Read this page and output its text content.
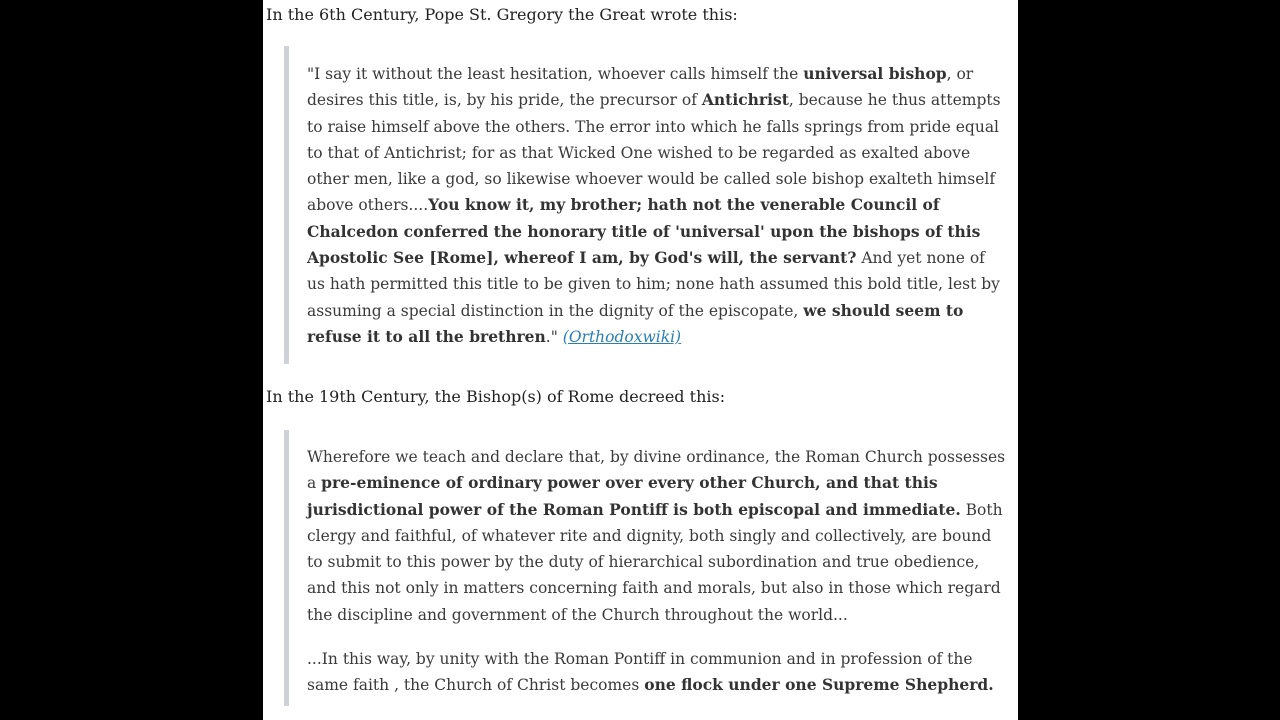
In the 6th Century, Pope St. Gregory the Great wrote this:

"I say it without the least hesitation, whoever calls himself the universal bishop, or desires this title, is, by his pride, the precursor of Antichrist, because he thus attempts to raise himself above the others. The error into which he falls springs from pride equal to that of Antichrist; for as that Wicked One wished to be regarded as exalted above other men, like a god, so likewise whoever would be called sole bishop exalteth himself above others....You know it, my brother; hath not the venerable Council of Chalcedon conferred the honorary title of 'universal' upon the bishops of this Apostolic See [Rome], whereof I am, by God's will, the servant? And yet none of us hath permitted this title to be given to him; none hath assumed this bold title, lest by assuming a special distinction in the dignity of the episcopate, we should seem to refuse it to all the brethren." (Orthodoxwiki)

In the 19th Century, the Bishop(s) of Rome decreed this:

Wherefore we teach and declare that, by divine ordinance, the Roman Church possesses a pre-eminence of ordinary power over every other Church, and that this jurisdictional power of the Roman Pontiff is both episcopal and immediate. Both clergy and faithful, of whatever rite and dignity, both singly and collectively, are bound to submit to this power by the duty of hierarchical subordination and true obedience, and this not only in matters concerning faith and morals, but also in those which regard the discipline and government of the Church throughout the world...

...In this way, by unity with the Roman Pontiff in communion and in profession of the same faith , the Church of Christ becomes one flock under one Supreme Shepherd.
